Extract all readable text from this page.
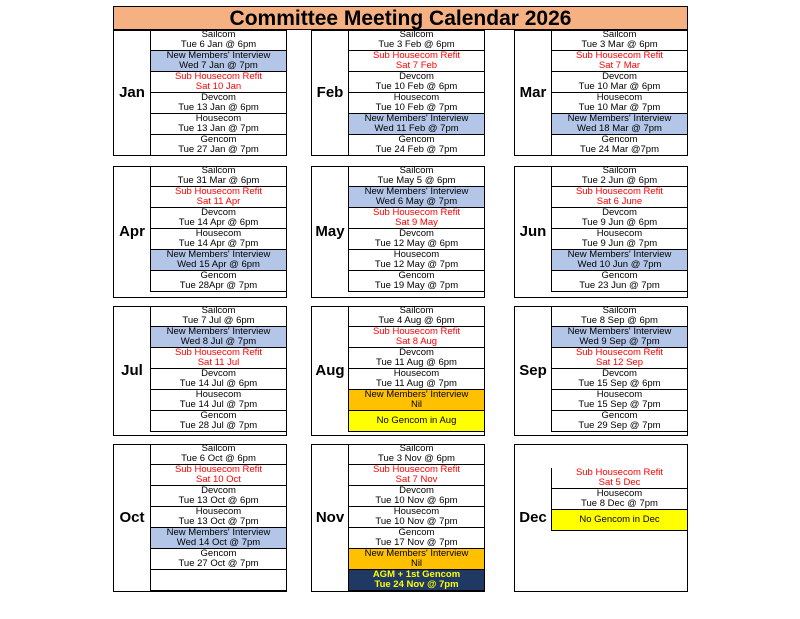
Committee Meeting Calendar 2026
Jan
Sailcom
Tue 6 Jan @ 6pm
New Members' Interview
Wed 7 Jan @ 7pm
Sub Housecom Refit
Sat 10 Jan
Devcom
Tue 13 Jan @ 6pm
Housecom
Tue 13 Jan @ 7pm
Gencom
Tue 27 Jan @ 7pm
Feb
Sailcom
Tue 3 Feb @ 6pm
Sub Housecom Refit
Sat 7 Feb
Devcom
Tue 10 Feb @ 6pm
Housecom
Tue 10 Feb @ 7pm
New Members' Interview
Wed 11 Feb @ 7pm
Gencom
Tue 24 Feb @ 7pm
Mar
Sailcom
Tue 3 Mar @ 6pm
Sub Housecom Refit
Sat 7 Mar
Devcom
Tue 10 Mar @ 6pm
Housecom
Tue 10 Mar @ 7pm
New Members' Interview
Wed 18 Mar @ 7pm
Gencom
Tue 24 Mar @7pm
Apr
Sailcom
Tue 31 Mar @ 6pm
Sub Housecom Refit
Sat 11 Apr
Devcom
Tue 14 Apr @ 6pm
Housecom
Tue 14 Apr @ 7pm
New Members' Interview
Wed 15 Apr @ 6pm
Gencom
Tue 28Apr @ 7pm
May
Sailcom
Tue May 5 @ 6pm
New Members' Interview
Wed 6 May @ 7pm
Sub Housecom Refit
Sat 9 May
Devcom
Tue 12 May @ 6pm
Housecom
Tue 12 May @ 7pm
Gencom
Tue 19 May @ 7pm
Jun
Sailcom
Tue 2 Jun @ 6pm
Sub Housecom Refit
Sat 6 June
Devcom
Tue 9 Jun @ 6pm
Housecom
Tue 9 Jun @ 7pm
New Members' Interview
Wed 10 Jun @ 7pm
Gencom
Tue 23 Jun @ 7pm
Jul
Sailcom
Tue 7 Jul @ 6pm
New Members' Interview
Wed 8 Jul @ 7pm
Sub Housecom Refit
Sat 11 Jul
Devcom
Tue 14 Jul @ 6pm
Housecom
Tue 14 Jul @ 7pm
Gencom
Tue 28 Jul @ 7pm
Aug
Sailcom
Tue 4 Aug @ 6pm
Sub Housecom Refit
Sat 8 Aug
Devcom
Tue 11 Aug @ 6pm
Housecom
Tue 11 Aug @ 7pm
New Members' Interview
Nil
No Gencom in Aug
Sep
Sailcom
Tue 8 Sep @ 6pm
New Members' Interview
Wed 9 Sep @ 7pm
Sub Housecom Refit
Sat 12 Sep
Devcom
Tue 15 Sep @ 6pm
Housecom
Tue 15 Sep @ 7pm
Gencom
Tue 29 Sep @ 7pm
Oct
Sailcom
Tue 6 Oct @ 6pm
Sub Housecom Refit
Sat 10 Oct
Devcom
Tue 13 Oct @ 6pm
Housecom
Tue 13 Oct @ 7pm
New Members' Interview
Wed 14 Oct @ 7pm
Gencom
Tue 27 Oct @ 7pm
Nov
Sailcom
Tue 3 Nov @ 6pm
Sub Housecom Refit
Sat 7 Nov
Devcom
Tue 10 Nov @ 6pm
Housecom
Tue 10 Nov @ 7pm
Gencom
Tue 17 Nov @ 7pm
New Members' Interview
Nil
AGM + 1st Gencom
Tue 24 Nov @ 7pm
Dec
Sub Housecom Refit
Sat 5 Dec
Housecom
Tue 8 Dec @ 7pm
No Gencom in Dec
